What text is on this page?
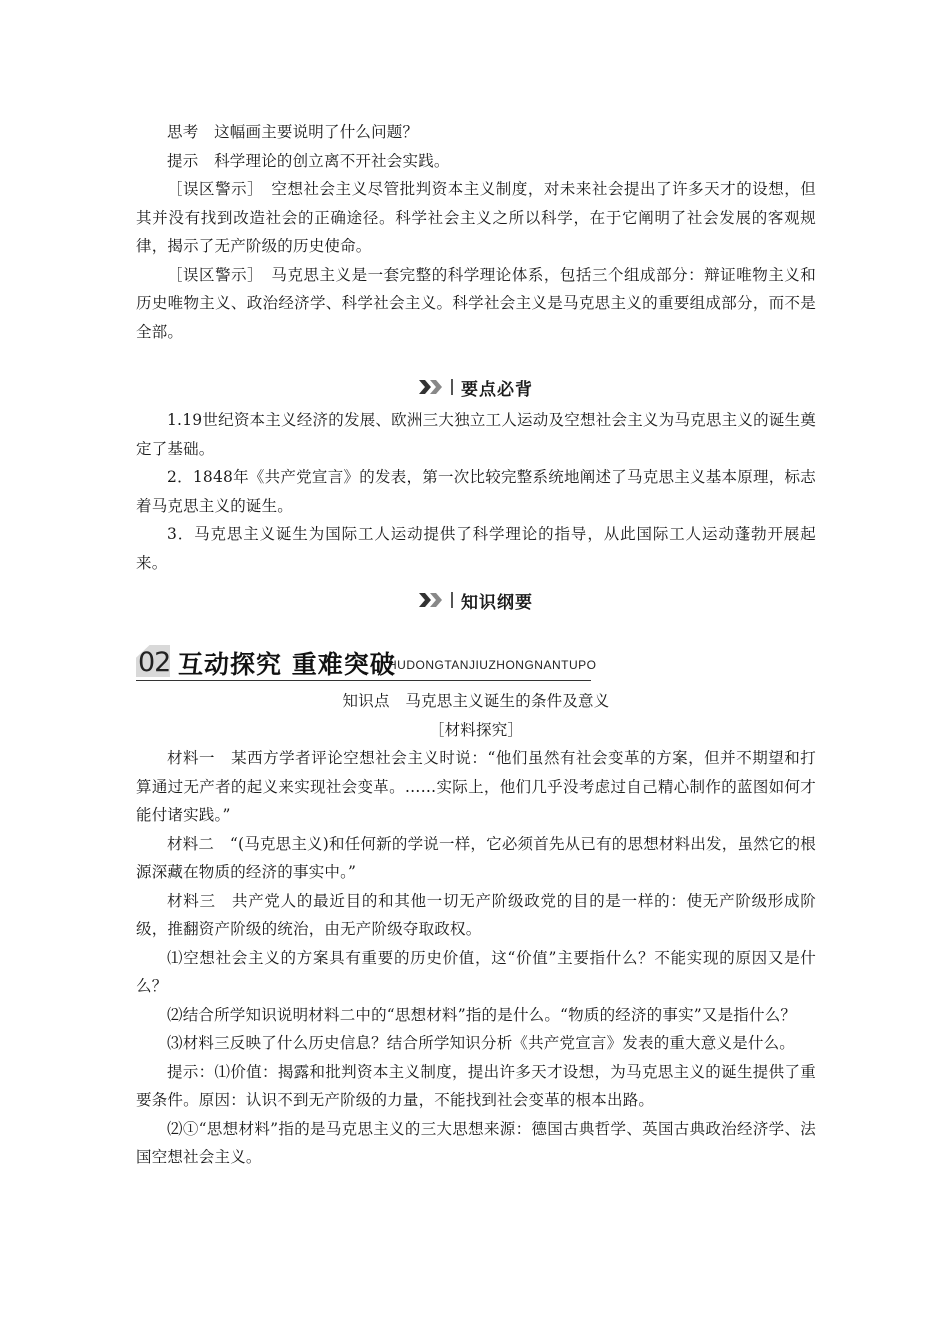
思考　这幅画主要说明了什么问题？

提示　科学理论的创立离不开社会实践。

［误区警示］　空想社会主义尽管批判资本主义制度，对未来社会提出了许多天才的设想，但其并没有找到改造社会的正确途径。科学社会主义之所以科学，在于它阐明了社会发展的客观规律，揭示了无产阶级的历史使命。

［误区警示］　马克思主义是一套完整的科学理论体系，包括三个组成部分：辩证唯物主义和历史唯物主义、政治经济学、科学社会主义。科学社会主义是马克思主义的重要组成部分，而不是全部。

要点必背

1.19世纪资本主义经济的发展、欧洲三大独立工人运动及空想社会主义为马克思主义的诞生奠定了基础。

2．1848年《共产党宣言》的发表，第一次比较完整系统地阐述了马克思主义基本原理，标志着马克思主义的诞生。

3．马克思主义诞生为国际工人运动提供了科学理论的指导，从此国际工人运动蓬勃开展起来。

知识纲要
02 互动探究 重难突破
HUDONGTANJIUZHONGNANTUPO

知识点　马克思主义诞生的条件及意义

［材料探究］

材料一　某西方学者评论空想社会主义时说：“他们虽然有社会变革的方案，但并不期望和打算通过无产者的起义来实现社会变革。……实际上，他们几乎没考虑过自己精心制作的蓝图如何才能付诸实践。”

材料二　“(马克思主义)和任何新的学说一样，它必须首先从已有的思想材料出发，虽然它的根源深藏在物质的经济的事实中。”

材料三　共产党人的最近目的和其他一切无产阶级政党的目的是一样的：使无产阶级形成阶级，推翻资产阶级的统治，由无产阶级夺取政权。

⑴空想社会主义的方案具有重要的历史价值，这“价值”主要指什么？不能实现的原因又是什么？

⑵结合所学知识说明材料二中的“思想材料”指的是什么。“物质的经济的事实”又是指什么？

⑶材料三反映了什么历史信息？结合所学知识分析《共产党宣言》发表的重大意义是什么。

提示：⑴价值：揭露和批判资本主义制度，提出许多天才设想，为马克思主义的诞生提供了重要条件。原因：认识不到无产阶级的力量，不能找到社会变革的根本出路。

⑵①“思想材料”指的是马克思主义的三大思想来源：德国古典哲学、英国古典政治经济学、法国空想社会主义。
